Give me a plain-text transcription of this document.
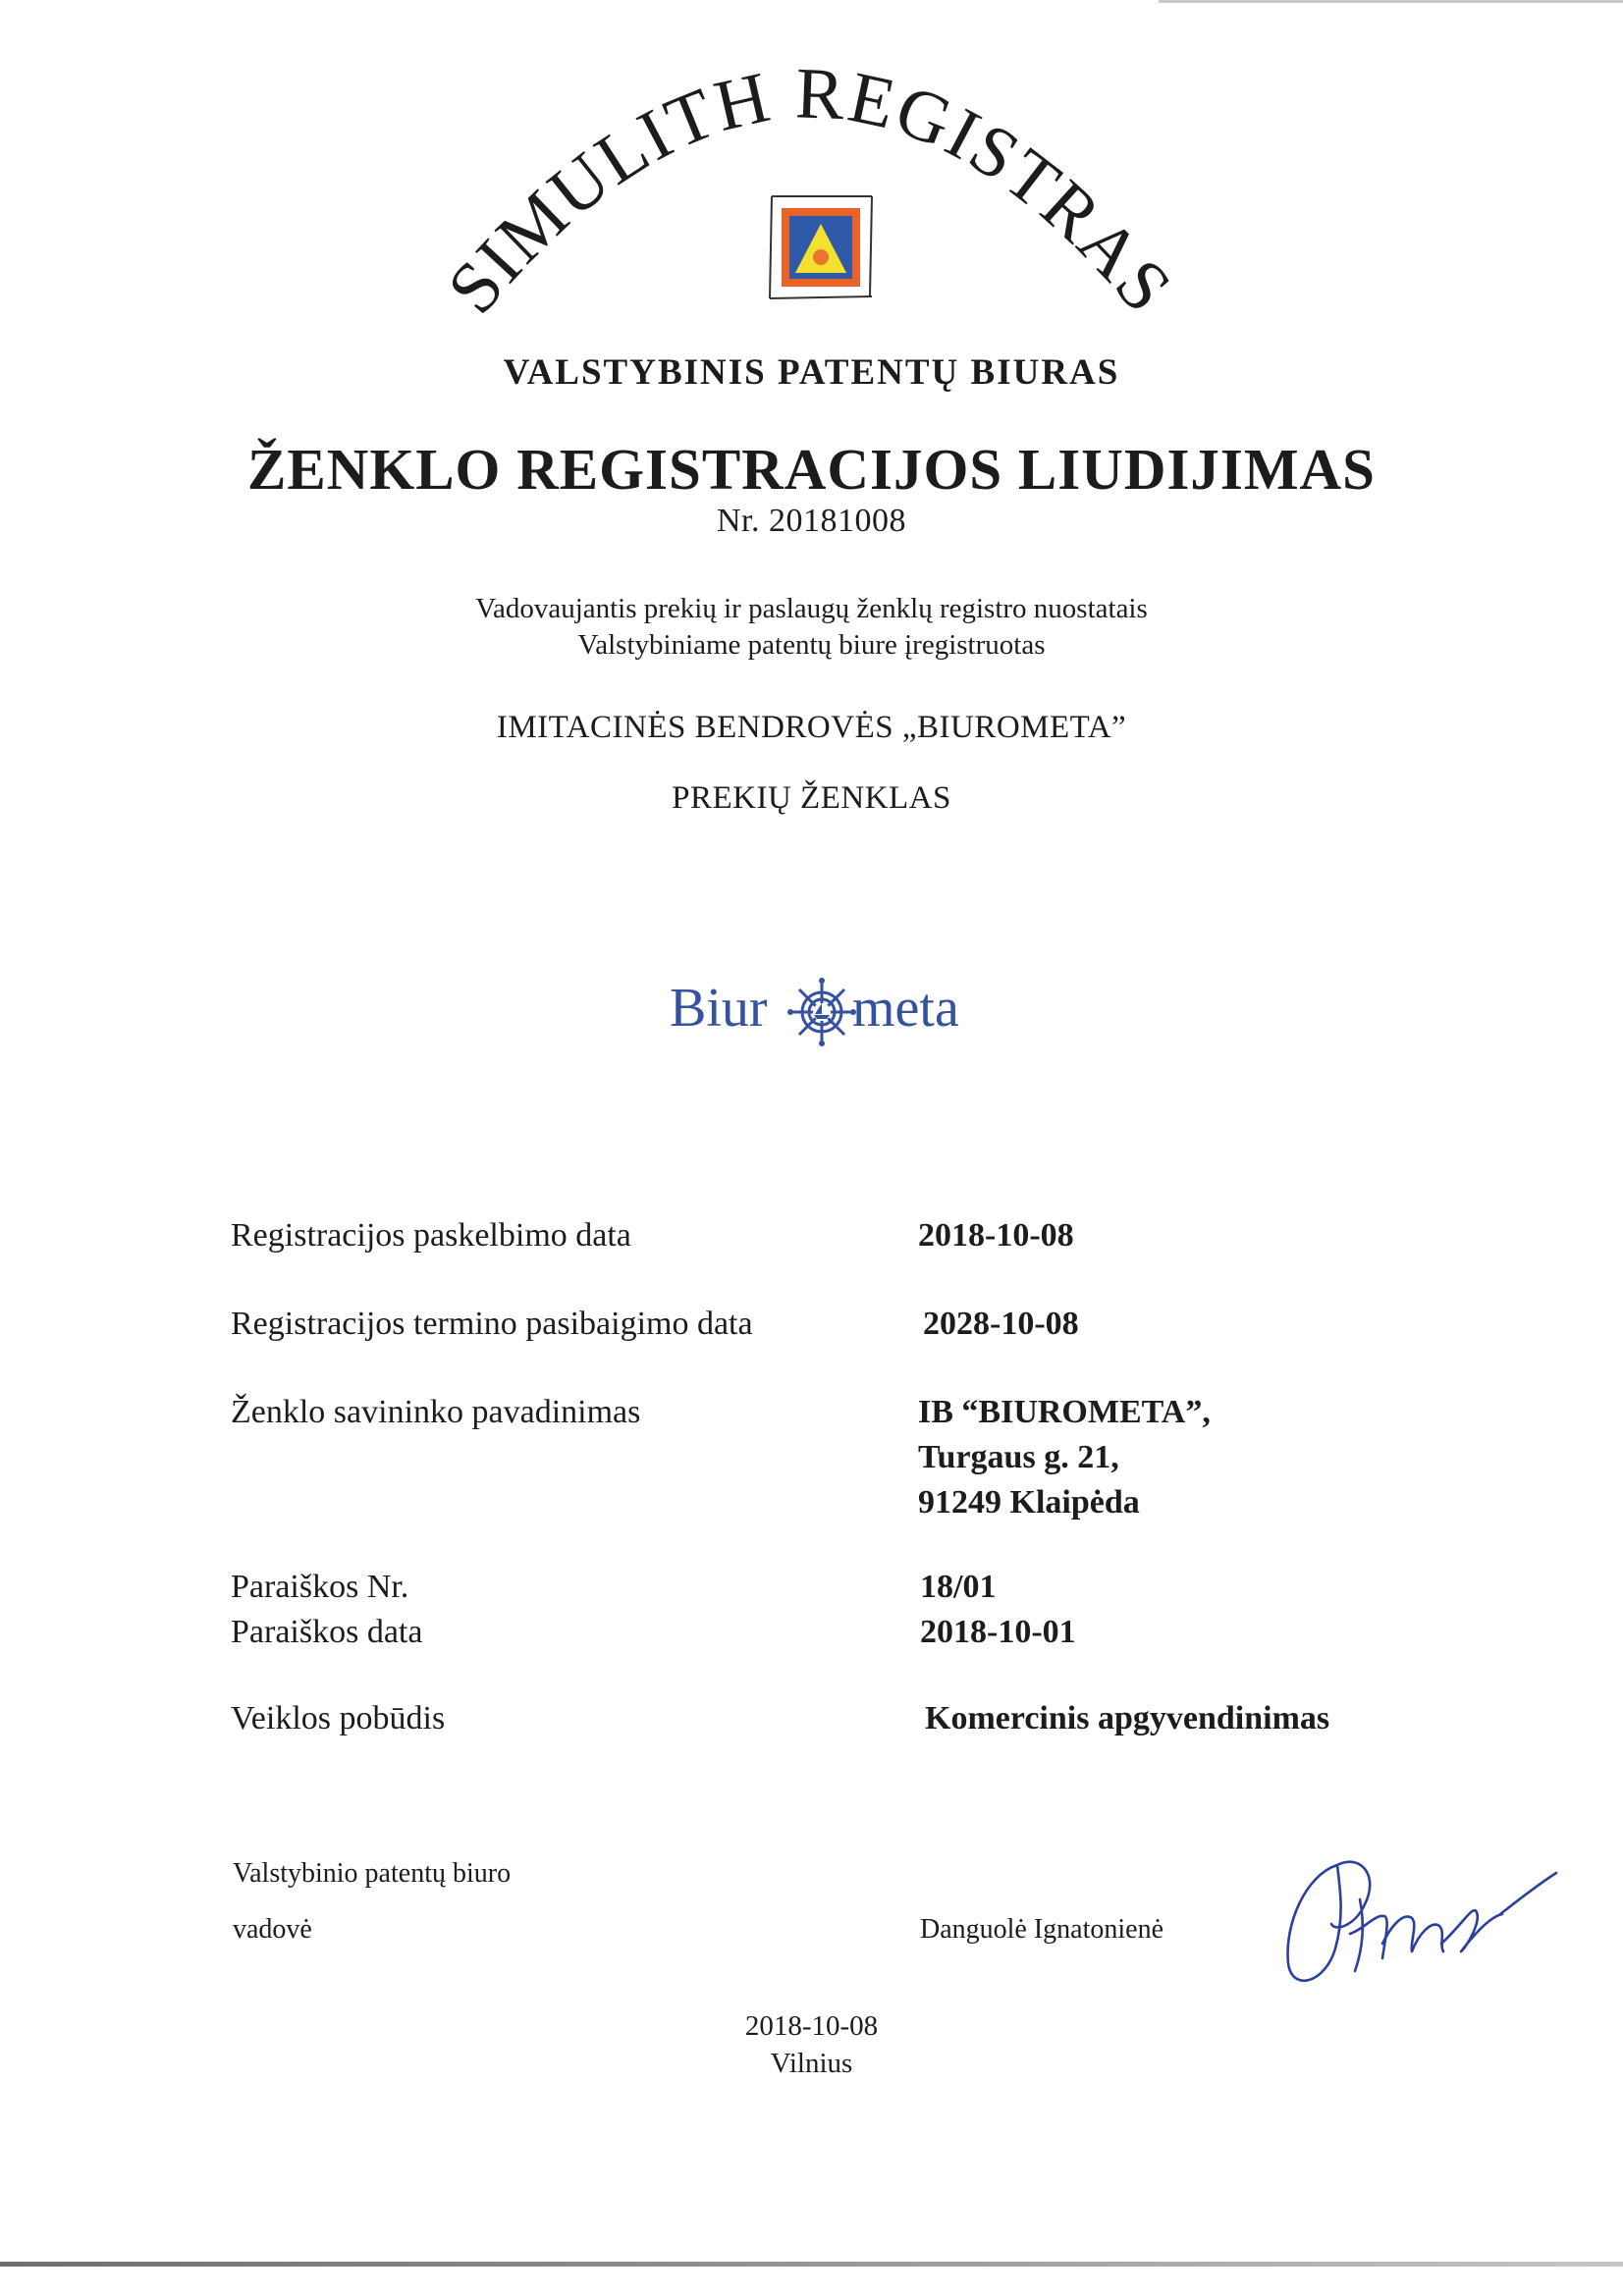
SIMULITH REGISTRAS
VALSTYBINIS PATENTŲ BIURAS
ŽENKLO REGISTRACIJOS LIUDIJIMAS
Nr. 20181008
Vadovaujantis prekių ir paslaugų ženklų registro nuostatais
Valstybiniame patentų biure įregistruotas
IMITACINĖS BENDROVĖS „BIUROMETA”
PREKIŲ ŽENKLAS
Biur meta
Registracijos paskelbimo data	2018-10-08
Registracijos termino pasibaigimo data	2028-10-08
Ženklo savininko pavadinimas	IB “BIUROMETA”,
Turgaus g. 21,
91249 Klaipėda
Paraiškos Nr.	18/01
Paraiškos data	2018-10-01
Veiklos pobūdis	Komercinis apgyvendinimas
Valstybinio patentų biuro
vadovė	Danguolė Ignatonienė
2018-10-08
Vilnius
